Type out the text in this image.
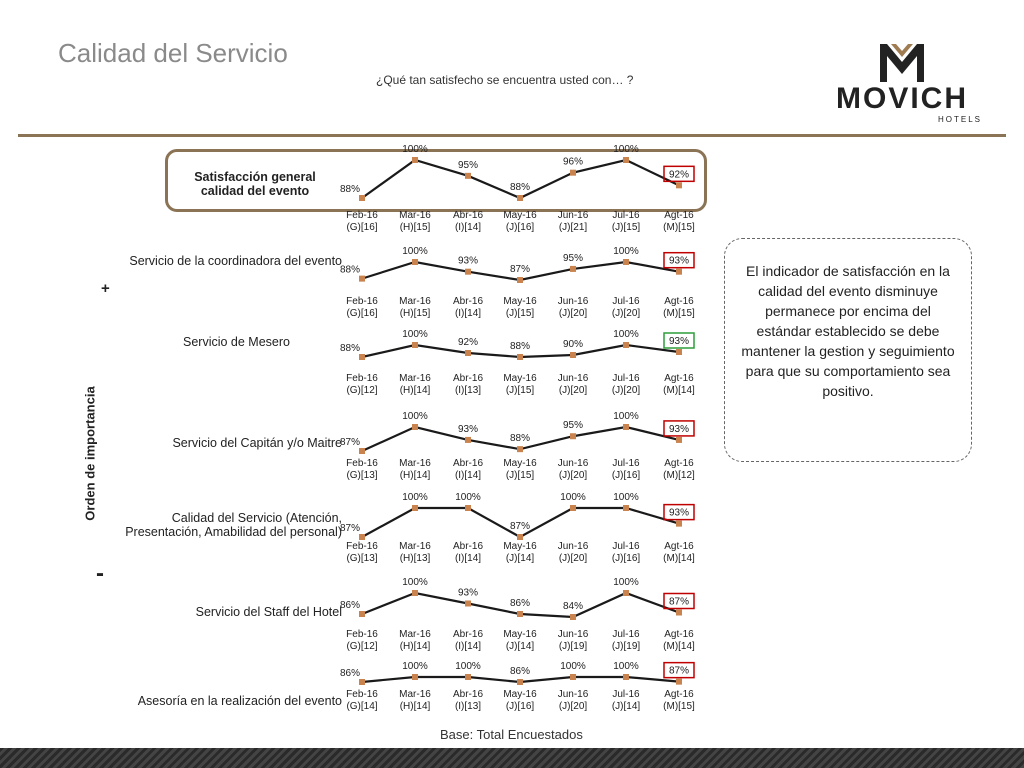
Calidad del Servicio
¿Qué tan satisfecho se encuentra usted con… ?
MOVICH
HOTELS
Orden de importancia
+
-
El indicador de satisfacción en la calidad del evento disminuye permanece por encima del estándar establecido se debe mantener la gestion y seguimiento para que su comportamiento sea positivo.
88%
Feb-16
(G)[16]
100%
Mar-16
(H)[15]
95%
Abr-16
(I)[14]
88%
May-16
(J)[16]
96%
Jun-16
(J)[21]
100%
Jul-16
(J)[15]
92%
Agt-16
(M)[15]
88%
Feb-16
(G)[16]
100%
Mar-16
(H)[15]
93%
Abr-16
(I)[14]
87%
May-16
(J)[15]
95%
Jun-16
(J)[20]
100%
Jul-16
(J)[20]
93%
Agt-16
(M)[15]
88%
Feb-16
(G)[12]
100%
Mar-16
(H)[14]
92%
Abr-16
(I)[13]
88%
May-16
(J)[15]
90%
Jun-16
(J)[20]
100%
Jul-16
(J)[20]
93%
Agt-16
(M)[14]
87%
Feb-16
(G)[13]
100%
Mar-16
(H)[14]
93%
Abr-16
(I)[14]
88%
May-16
(J)[15]
95%
Jun-16
(J)[20]
100%
Jul-16
(J)[16]
93%
Agt-16
(M)[12]
87%
Feb-16
(G)[13]
100%
Mar-16
(H)[13]
100%
Abr-16
(I)[14]
87%
May-16
(J)[14]
100%
Jun-16
(J)[20]
100%
Jul-16
(J)[16]
93%
Agt-16
(M)[14]
86%
Feb-16
(G)[12]
100%
Mar-16
(H)[14]
93%
Abr-16
(I)[14]
86%
May-16
(J)[14]
84%
Jun-16
(J)[19]
100%
Jul-16
(J)[19]
87%
Agt-16
(M)[14]
86%
Feb-16
(G)[14]
100%
Mar-16
(H)[14]
100%
Abr-16
(I)[13]
86%
May-16
(J)[16]
100%
Jun-16
(J)[20]
100%
Jul-16
(J)[14]
87%
Agt-16
(M)[15]
Base: Total Encuestados
Satisfacción general calidad del evento
Servicio de la coordinadora del evento
Servicio de Mesero
Servicio del Capitán y/o Maitre
Calidad del Servicio (Atención, Presentación, Amabilidad del personal)
Servicio del Staff del Hotel
Asesoría en la realización del evento
